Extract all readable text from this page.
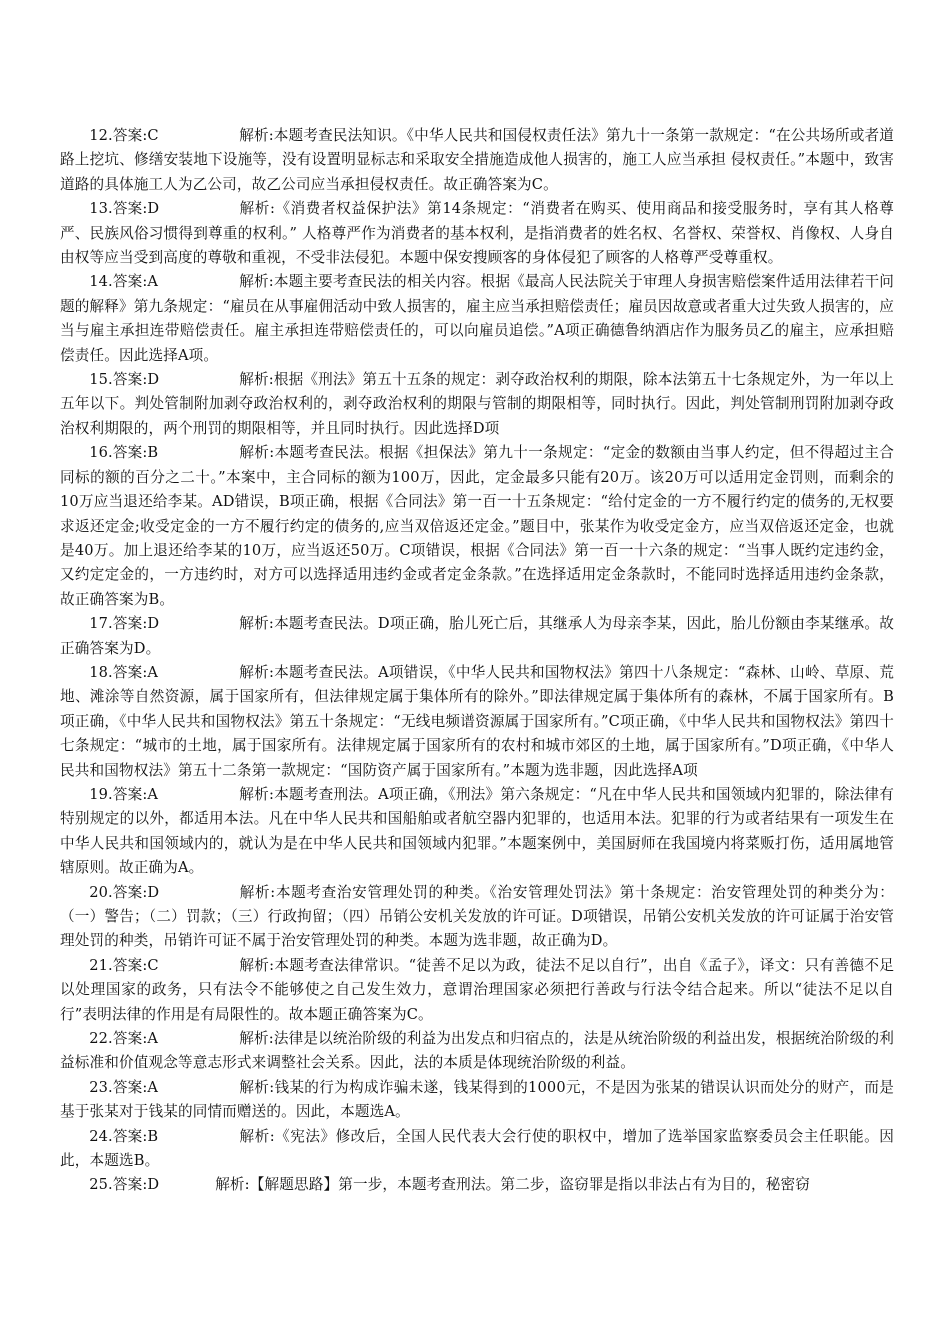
12.答案:C	解析:本题考查民法知识。《中华人民共和国侵权责任法》第九十一条第一款规定：“在公共场所或者道路上挖坑、修缮安装地下设施等，没有设置明显标志和采取安全措施造成他人损害的，施工人应当承担 侵权责任。”本题中，致害道路的具体施工人为乙公司，故乙公司应当承担侵权责任。故正确答案为C。

13.答案:D	解析:《消费者权益保护法》第14条规定：“消费者在购买、使用商品和接受服务时，享有其人格尊严、民族风俗习惯得到尊重的权利。” 人格尊严作为消费者的基本权利，是指消费者的姓名权、名誉权、荣誉权、肖像权、人身自由权等应当受到高度的尊敬和重视，不受非法侵犯。本题中保安搜顾客的身体侵犯了顾客的人格尊严受尊重权。

14.答案:A	解析:本题主要考查民法的相关内容。根据《最高人民法院关于审理人身损害赔偿案件适用法律若干问题的解释》第九条规定：“雇员在从事雇佣活动中致人损害的，雇主应当承担赔偿责任；雇员因故意或者重大过失致人损害的，应当与雇主承担连带赔偿责任。雇主承担连带赔偿责任的，可以向雇员追偿。”A项正确德鲁纳酒店作为服务员乙的雇主，应承担赔偿责任。因此选择A项。

15.答案:D	解析:根据《刑法》第五十五条的规定：剥夺政治权利的期限，除本法第五十七条规定外，为一年以上五年以下。判处管制附加剥夺政治权利的，剥夺政治权利的期限与管制的期限相等，同时执行。因此，判处管制刑罚附加剥夺政治权利期限的，两个刑罚的期限相等，并且同时执行。因此选择D项

16.答案:B	解析:本题考查民法。根据《担保法》第九十一条规定：“定金的数额由当事人约定，但不得超过主合同标的额的百分之二十。”本案中，主合同标的额为100万，因此，定金最多只能有20万。该20万可以适用定金罚则，而剩余的10万应当退还给李某。AD错误，B项正确，根据《合同法》第一百一十五条规定：“给付定金的一方不履行约定的债务的,无权要求返还定金;收受定金的一方不履行约定的债务的,应当双倍返还定金。”题目中，张某作为收受定金方，应当双倍返还定金，也就是40万。加上退还给李某的10万，应当返还50万。C项错误，根据《合同法》第一百一十六条的规定：“当事人既约定违约金，又约定定金的，一方违约时，对方可以选择适用违约金或者定金条款。”在选择适用定金条款时，不能同时选择适用违约金条款，故正确答案为B。

17.答案:D	解析:本题考查民法。D项正确，胎儿死亡后，其继承人为母亲李某，因此，胎儿份额由李某继承。故正确答案为D。

18.答案:A	解析:本题考查民法。A项错误，《中华人民共和国物权法》第四十八条规定：“森林、山岭、草原、荒地、滩涂等自然资源，属于国家所有，但法律规定属于集体所有的除外。”即法律规定属于集体所有的森林，不属于国家所有。B项正确，《中华人民共和国物权法》第五十条规定：“无线电频谱资源属于国家所有。”C项正确，《中华人民共和国物权法》第四十七条规定：“城市的土地，属于国家所有。法律规定属于国家所有的农村和城市郊区的土地，属于国家所有。”D项正确，《中华人民共和国物权法》第五十二条第一款规定：“国防资产属于国家所有。”本题为选非题，因此选择A项

19.答案:A	解析:本题考查刑法。A项正确，《刑法》第六条规定：“凡在中华人民共和国领域内犯罪的，除法律有特别规定的以外，都适用本法。凡在中华人民共和国船舶或者航空器内犯罪的，也适用本法。犯罪的行为或者结果有一项发生在中华人民共和国领域内的，就认为是在中华人民共和国领域内犯罪。”本题案例中，美国厨师在我国境内将菜贩打伤，适用属地管辖原则。故正确为A。

20.答案:D	解析:本题考查治安管理处罚的种类。《治安管理处罚法》第十条规定：治安管理处罚的种类分为：（一）警告；（二）罚款；（三）行政拘留；（四）吊销公安机关发放的许可证。D项错误，吊销公安机关发放的许可证属于治安管理处罚的种类，吊销许可证不属于治安管理处罚的种类。本题为选非题，故正确为D。

21.答案:C	解析:本题考查法律常识。“徒善不足以为政，徒法不足以自行”，出自《孟子》，译文：只有善德不足以处理国家的政务，只有法令不能够使之自己发生效力，意谓治理国家必须把行善政与行法令结合起来。所以“徒法不足以自行”表明法律的作用是有局限性的。故本题正确答案为C。

22.答案:A	解析:法律是以统治阶级的利益为出发点和归宿点的，法是从统治阶级的利益出发，根据统治阶级的利益标准和价值观念等意志形式来调整社会关系。因此，法的本质是体现统治阶级的利益。

23.答案:A	解析:钱某的行为构成诈骗未遂，钱某得到的1000元，不是因为张某的错误认识而处分的财产，而是基于张某对于钱某的同情而赠送的。因此，本题选A。

24.答案:B	解析:《宪法》修改后，全国人民代表大会行使的职权中，增加了选举国家监察委员会主任职能。因此，本题选B。

25.答案:D	解析:【解题思路】第一步，本题考查刑法。第二步，盗窃罪是指以非法占有为目的，秘密窃
